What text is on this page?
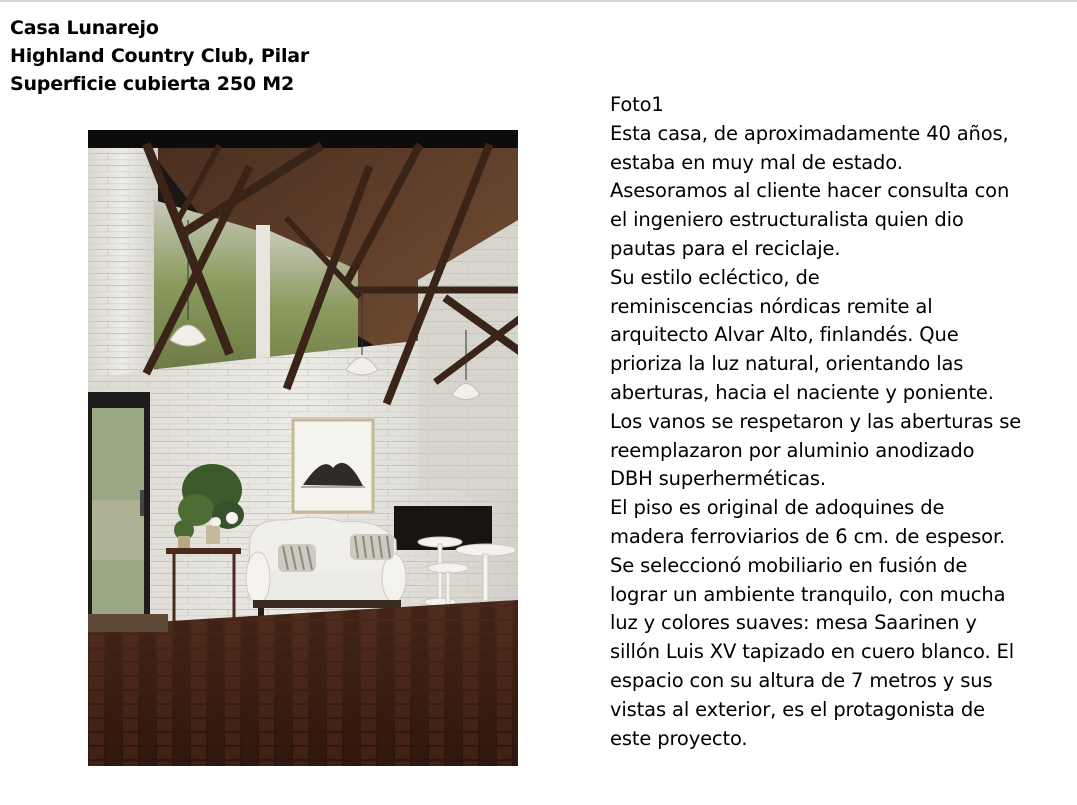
Casa Lunarejo
Highland Country Club, Pilar
Superficie cubierta 250 M2
Foto1
Esta casa, de aproximadamente 40 años,
estaba en muy mal de estado.
Asesoramos al cliente hacer consulta con
el ingeniero estructuralista quien dio
pautas para el reciclaje.
Su estilo ecléctico, de
reminiscencias nórdicas remite al
arquitecto Alvar Alto, finlandés. Que
prioriza la luz natural, orientando las
aberturas, hacia el naciente y poniente.
Los vanos se respetaron y las aberturas se
reemplazaron por aluminio anodizado
DBH superherméticas.
El piso es original de adoquines de
madera ferroviarios de 6 cm. de espesor.
Se seleccionó mobiliario en fusión de
lograr un ambiente tranquilo, con mucha
luz y colores suaves: mesa Saarinen y
sillón Luis XV tapizado en cuero blanco. El
espacio con su altura de 7 metros y sus
vistas al exterior, es el protagonista de
este proyecto.
